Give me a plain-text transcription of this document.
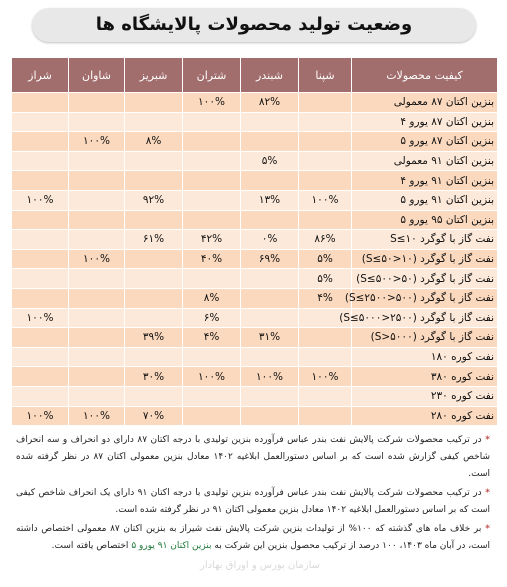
وضعیت تولید محصولات پالایشگاه ها
کیفیت محصولات	شپنا	شبندر	شتران	شبریز	شاوان	شراز
بنزین اکتان ۸۷ معمولی		۸۲%	۱۰۰%			
بنزین اکتان ۸۷ یورو ۴						
بنزین اکتان ۸۷ یورو ۵				۸%	۱۰۰%	
بنزین اکتان ۹۱ معمولی		۵%				
بنزین اکتان ۹۱ یورو ۴						
بنزین اکتان ۹۱ یورو ۵	۱۰۰%	۱۳%		۹۲%		۱۰۰%
بنزین اکتان ۹۵ یورو ۵						
نفت گاز با گوگرد S≤۱۰	۸۶%	۰%	۴۲%	۶۱%		
نفت گاز با گوگرد (۱۰<S≤۵۰)	۵%	۶۹%	۴۰%		۱۰۰%	
نفت گاز با گوگرد (۵۰<S≤۵۰۰)	۵%					
نفت گاز با گوگرد (۵۰۰<S≤۲۵۰۰)	۴%		۸%			
نفت گاز با گوگرد (۲۵۰۰<S≤۵۰۰۰)			۶%			۱۰۰%
نفت گاز با گوگرد (S>۵۰۰۰)		۳۱%	۴%	۳۹%		
نفت کوره ۱۸۰						
نفت کوره ۳۸۰	۱۰۰%	۱۰۰%	۱۰۰%	۳۰%		
نفت کوره ۲۳۰						
نفت کوره ۲۸۰				۷۰%	۱۰۰%	۱۰۰%

* در ترکیب محصولات شرکت پالایش نفت بندر عباس فرآورده بنزین تولیدی با درجه اکتان ۸۷ دارای دو انحراف و سه انحراف شاخص کیفی گزارش شده است که بر اساس دستورالعمل ابلاغیه ۱۴۰۲ معادل بنزین معمولی اکتان ۸۷ در نظر گرفته شده است.

* در ترکیب محصولات شرکت پالایش نفت بندر عباس فرآورده بنزین تولیدی با درجه اکتان ۹۱ دارای یک انحراف شاخص کیفی است که بر اساس دستورالعمل ابلاغیه ۱۴۰۲ معادل بنزین معمولی اکتان ۹۱ در نظر گرفته شده است.

* بر خلاف ماه های گذشته که ۱۰۰% از تولیدات بنزین شرکت پالایش نفت شیراز به بنزین اکتان ۸۷ معمولی اختصاص داشته است، در آبان ماه ۱۴۰۳، ۱۰۰ درصد از ترکیب محصول بنزین این شرکت به بنزین اکتان ۹۱ یورو ۵ اختصاص یافته است.

سازمان بورس و اوراق بهادار
